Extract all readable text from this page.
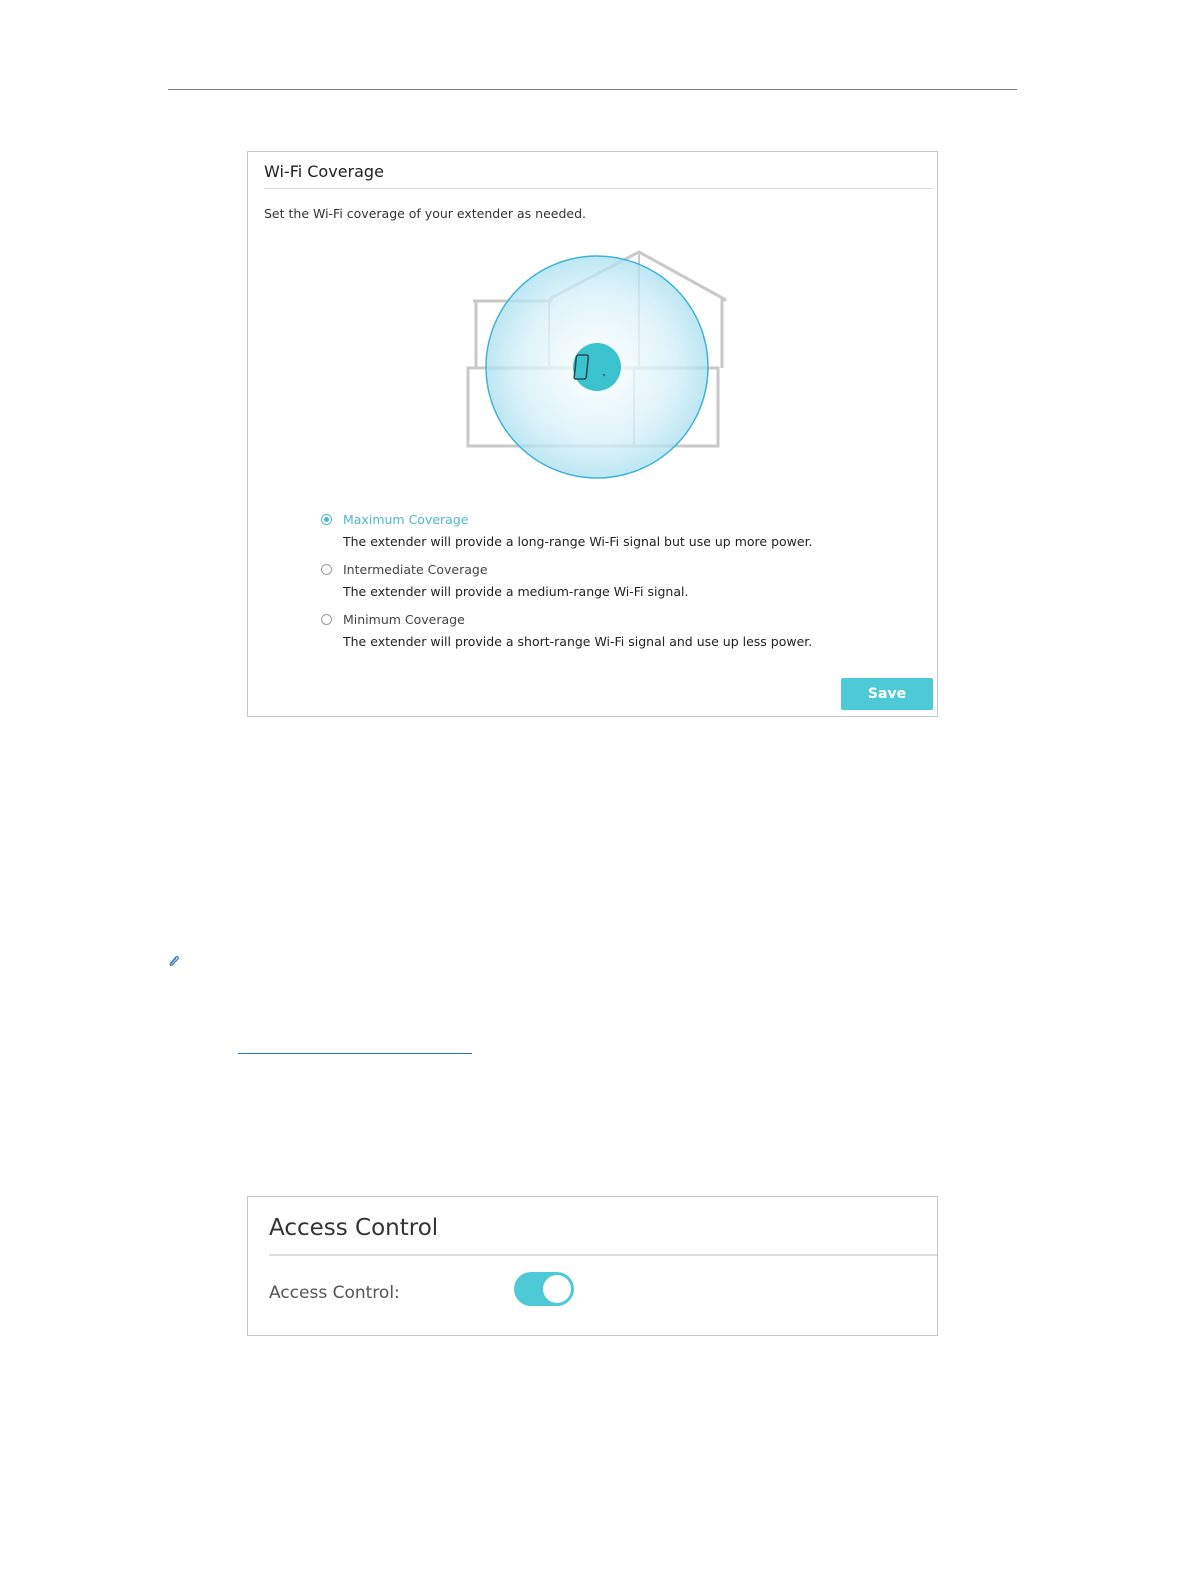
Wi-Fi Coverage
Set the Wi-Fi coverage of your extender as needed.
Maximum Coverage
The extender will provide a long-range Wi-Fi signal but use up more power.
Intermediate Coverage
The extender will provide a medium-range Wi-Fi signal.
Minimum Coverage
The extender will provide a short-range Wi-Fi signal and use up less power.
Save
Access Control
Access Control:
